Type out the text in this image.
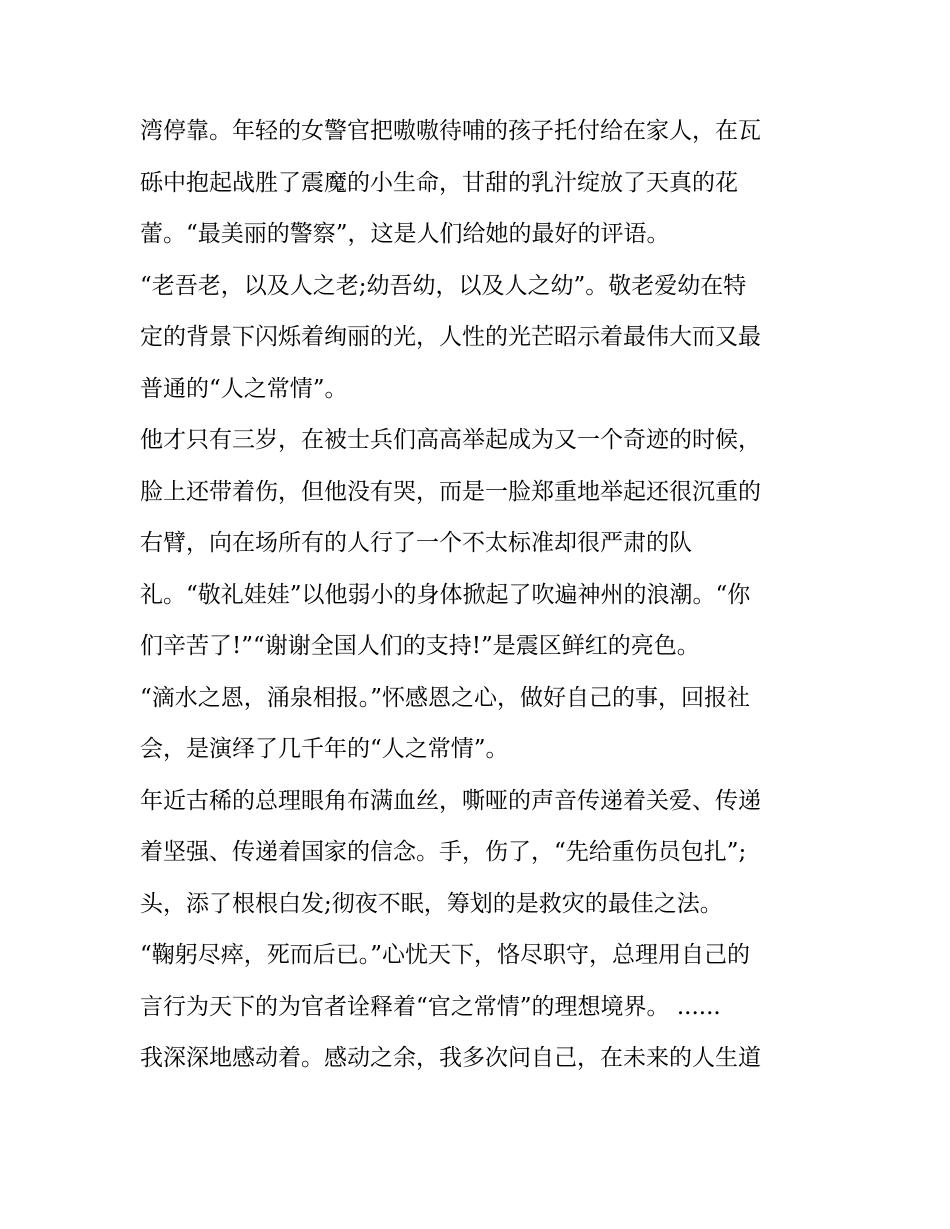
湾停靠。年轻的女警官把嗷嗷待哺的孩子托付给在家人，在瓦
砾中抱起战胜了震魔的小生命，甘甜的乳汁绽放了天真的花
蕾。“最美丽的警察”，这是人们给她的最好的评语。
“老吾老，以及人之老;幼吾幼，以及人之幼”。敬老爱幼在特
定的背景下闪烁着绚丽的光，人性的光芒昭示着最伟大而又最
普通的“人之常情”。
他才只有三岁，在被士兵们高高举起成为又一个奇迹的时候，
脸上还带着伤，但他没有哭，而是一脸郑重地举起还很沉重的
右臂，向在场所有的人行了一个不太标准却很严肃的队
礼。“敬礼娃娃”以他弱小的身体掀起了吹遍神州的浪潮。“你
们辛苦了!”“谢谢全国人们的支持!”是震区鲜红的亮色。
“滴水之恩，涌泉相报。”怀感恩之心，做好自己的事，回报社
会，是演绎了几千年的“人之常情”。
年近古稀的总理眼角布满血丝，嘶哑的声音传递着关爱、传递
着坚强、传递着国家的信念。手，伤了，“先给重伤员包扎”;
头，添了根根白发;彻夜不眠，筹划的是救灾的最佳之法。
“鞠躬尽瘁，死而后已。”心忧天下，恪尽职守，总理用自己的
言行为天下的为官者诠释着“官之常情”的理想境界。 ......
我深深地感动着。感动之余，我多次问自己，在未来的人生道
